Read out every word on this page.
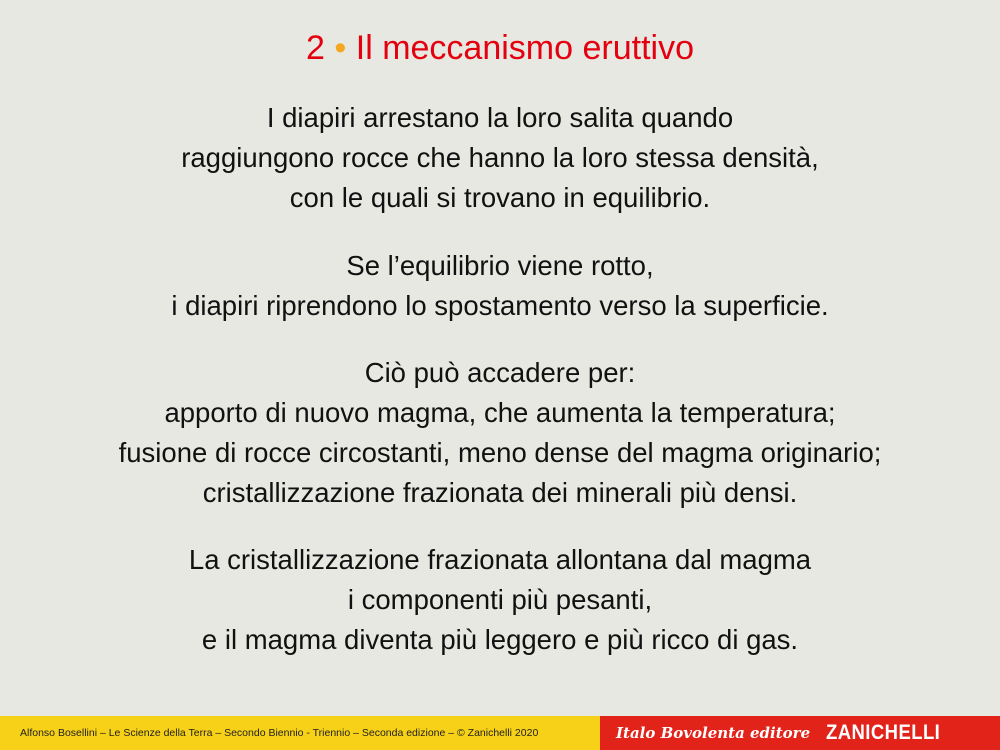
2 • Il meccanismo eruttivo
I diapiri arrestano la loro salita quando
raggiungono rocce che hanno la loro stessa densità,
con le quali si trovano in equilibrio.
Se l’equilibrio viene rotto,
i diapiri riprendono lo spostamento verso la superficie.
Ciò può accadere per:
apporto di nuovo magma, che aumenta la temperatura;
fusione di rocce circostanti, meno dense del magma originario;
cristallizzazione frazionata dei minerali più densi.
La cristallizzazione frazionata allontana dal magma
i componenti più pesanti,
e il magma diventa più leggero e più ricco di gas.
Alfonso Bosellini – Le Scienze della Terra – Secondo Biennio - Triennio – Seconda edizione – © Zanichelli 2020	Italo Bovolenta editore ZANICHELLI
